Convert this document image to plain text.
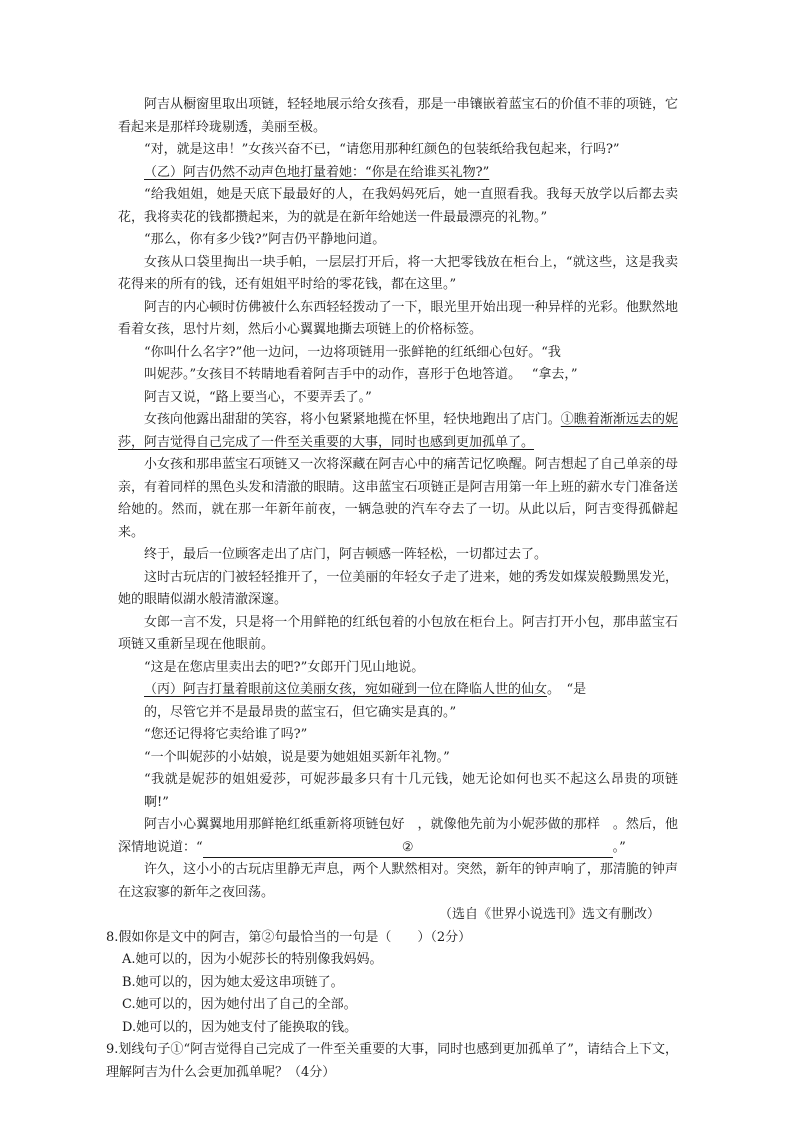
阿吉从橱窗里取出项链，轻轻地展示给女孩看，那是一串镶嵌着蓝宝石的价值不菲的项链，它看起来是那样玲珑剔透，美丽至极。

“对，就是这串！”女孩兴奋不已，“请您用那种红颜色的包装纸给我包起来，行吗?”

（乙）阿吉仍然不动声色地打量着她：“你是在给谁买礼物?”

“给我姐姐，她是天底下最最好的人，在我妈妈死后，她一直照看我。我每天放学以后都去卖花，我将卖花的钱都攒起来，为的就是在新年给她送一件最最漂亮的礼物。”

“那么，你有多少钱?”阿吉仍平静地问道。

女孩从口袋里掏出一块手帕，一层层打开后，将一大把零钱放在柜台上，“就这些，这是我卖花得来的所有的钱，还有姐姐平时给的零花钱，都在这里。”

阿吉的内心顿时仿佛被什么东西轻轻拨动了一下，眼光里开始出现一种异样的光彩。他默然地看着女孩，思忖片刻，然后小心翼翼地撕去项链上的价格标签。

“你叫什么名字?”他一边问，一边将项链用一张鲜艳的红纸细心包好。“我

叫妮莎。”女孩目不转睛地看着阿吉手中的动作，喜形于色地答道。　 “拿去，”

阿吉又说，“路上要当心，不要弄丢了。”

女孩向他露出甜甜的笑容，将小包紧紧地揽在怀里，轻快地跑出了店门。①瞧着渐渐远去的妮莎，阿吉觉得自己完成了一件至关重要的大事，同时也感到更加孤单了。

小女孩和那串蓝宝石项链又一次将深藏在阿吉心中的痛苦记忆唤醒。阿吉想起了自己单亲的母亲，有着同样的黑色头发和清澈的眼睛。这串蓝宝石项链正是阿吉用第一年上班的薪水专门准备送给她的。然而，就在那一年新年前夜，一辆急驶的汽车夺去了一切。从此以后，阿吉变得孤僻起来。

终于，最后一位顾客走出了店门，阿吉顿感一阵轻松，一切都过去了。

这时古玩店的门被轻轻推开了，一位美丽的年轻女子走了进来，她的秀发如煤炭般黝黑发光，她的眼睛似湖水般清澈深邃。

女郎一言不发，只是将一个用鲜艳的红纸包着的小包放在柜台上。阿吉打开小包，那串蓝宝石项链又重新呈现在他眼前。

“这是在您店里卖出去的吧?”女郎开门见山地说。

（丙）阿吉打量着眼前这位美丽女孩，宛如碰到一位在降临人世的仙女。　“是

的，尽管它并不是最昂贵的蓝宝石，但它确实是真的。”

“您还记得将它卖给谁了吗?”

“一个叫妮莎的小姑娘，说是要为她姐姐买新年礼物。”

“我就是妮莎的姐姐爱莎，可妮莎最多只有十几元钱，她无论如何也买不起这么昂贵的项链啊!”

阿吉小心翼翼地用那鲜艳红纸重新将项链包好　，就像他先前为小妮莎做的那样　。然后，他深情地说道：“	②	。”

许久，这小小的古玩店里静无声息，两个人默然相对。突然，新年的钟声响了，那清脆的钟声在这寂寥的新年之夜回荡。

（选自《世界小说选刊》选文有删改）

8.假如你是文中的阿吉，第②句最恰当的一句是（　　）（2分）

A.她可以的，因为小妮莎长的特别像我妈妈。

B.她可以的，因为她太爱这串项链了。

C.她可以的，因为她付出了自己的全部。

D.她可以的，因为她支付了能换取的钱。

9.划线句子①“阿吉觉得自己完成了一件至关重要的大事，同时也感到更加孤单了”，请结合上下文，理解阿吉为什么会更加孤单呢？（4分）
